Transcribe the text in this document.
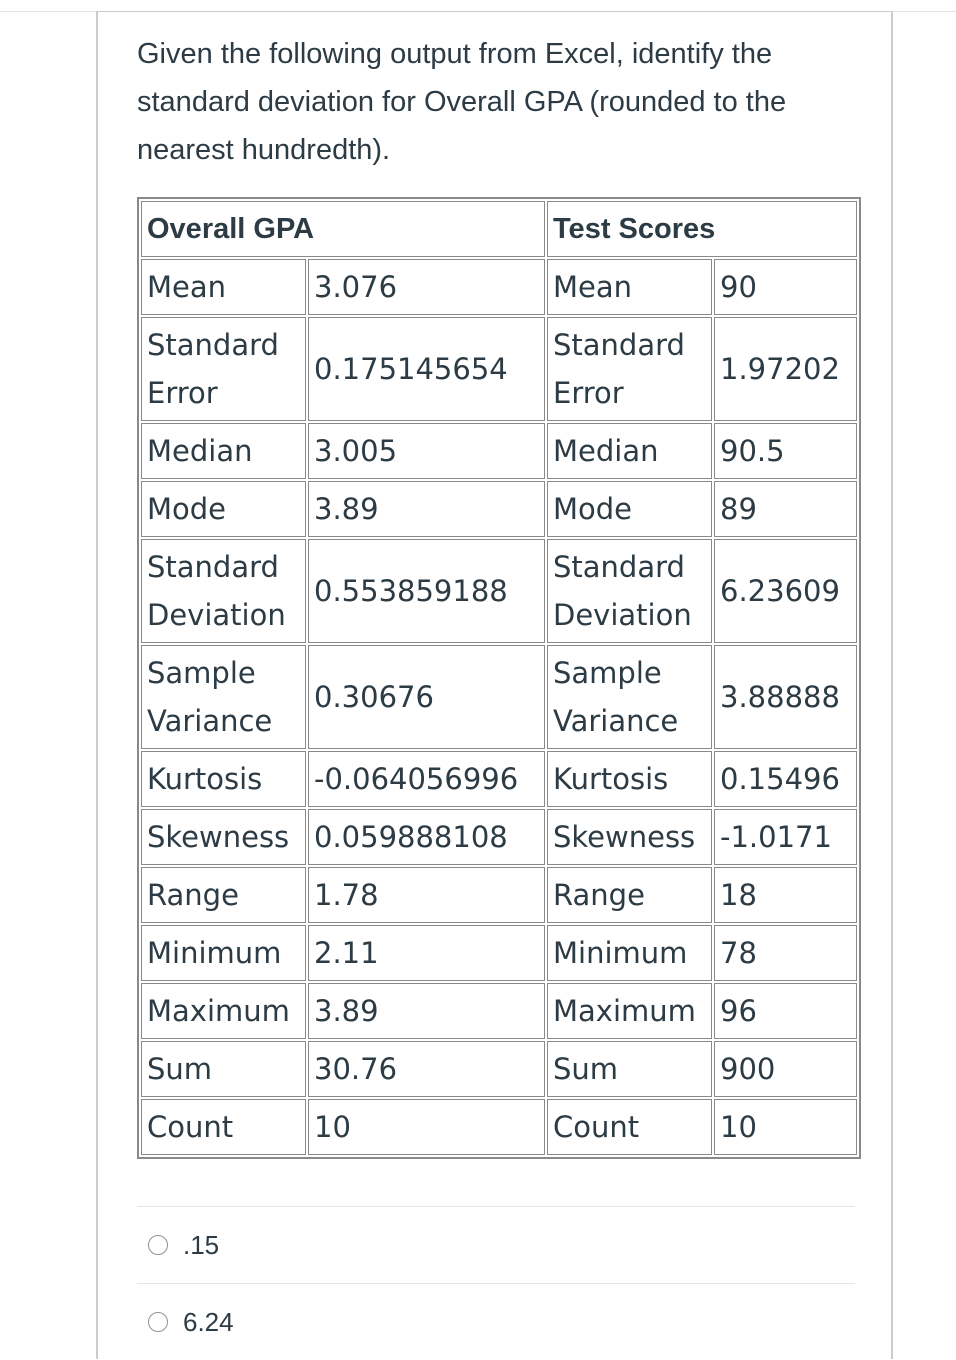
Given the following output from Excel, identify the standard deviation for Overall GPA (rounded to the nearest hundredth).
Overall GPA		Test Scores	
Mean	3.076	Mean	90
Standard Error	0.175145654	Standard Error	1.97202
Median	3.005	Median	90.5
Mode	3.89	Mode	89
Standard Deviation	0.553859188	Standard Deviation	6.23609
Sample Variance	0.30676	Sample Variance	3.88888
Kurtosis	-0.064056996	Kurtosis	0.15496
Skewness	0.059888108	Skewness	-1.0171
Range	1.78	Range	18
Minimum	2.11	Minimum	78
Maximum	3.89	Maximum	96
Sum	30.76	Sum	900
Count	10	Count	10
.15
6.24
